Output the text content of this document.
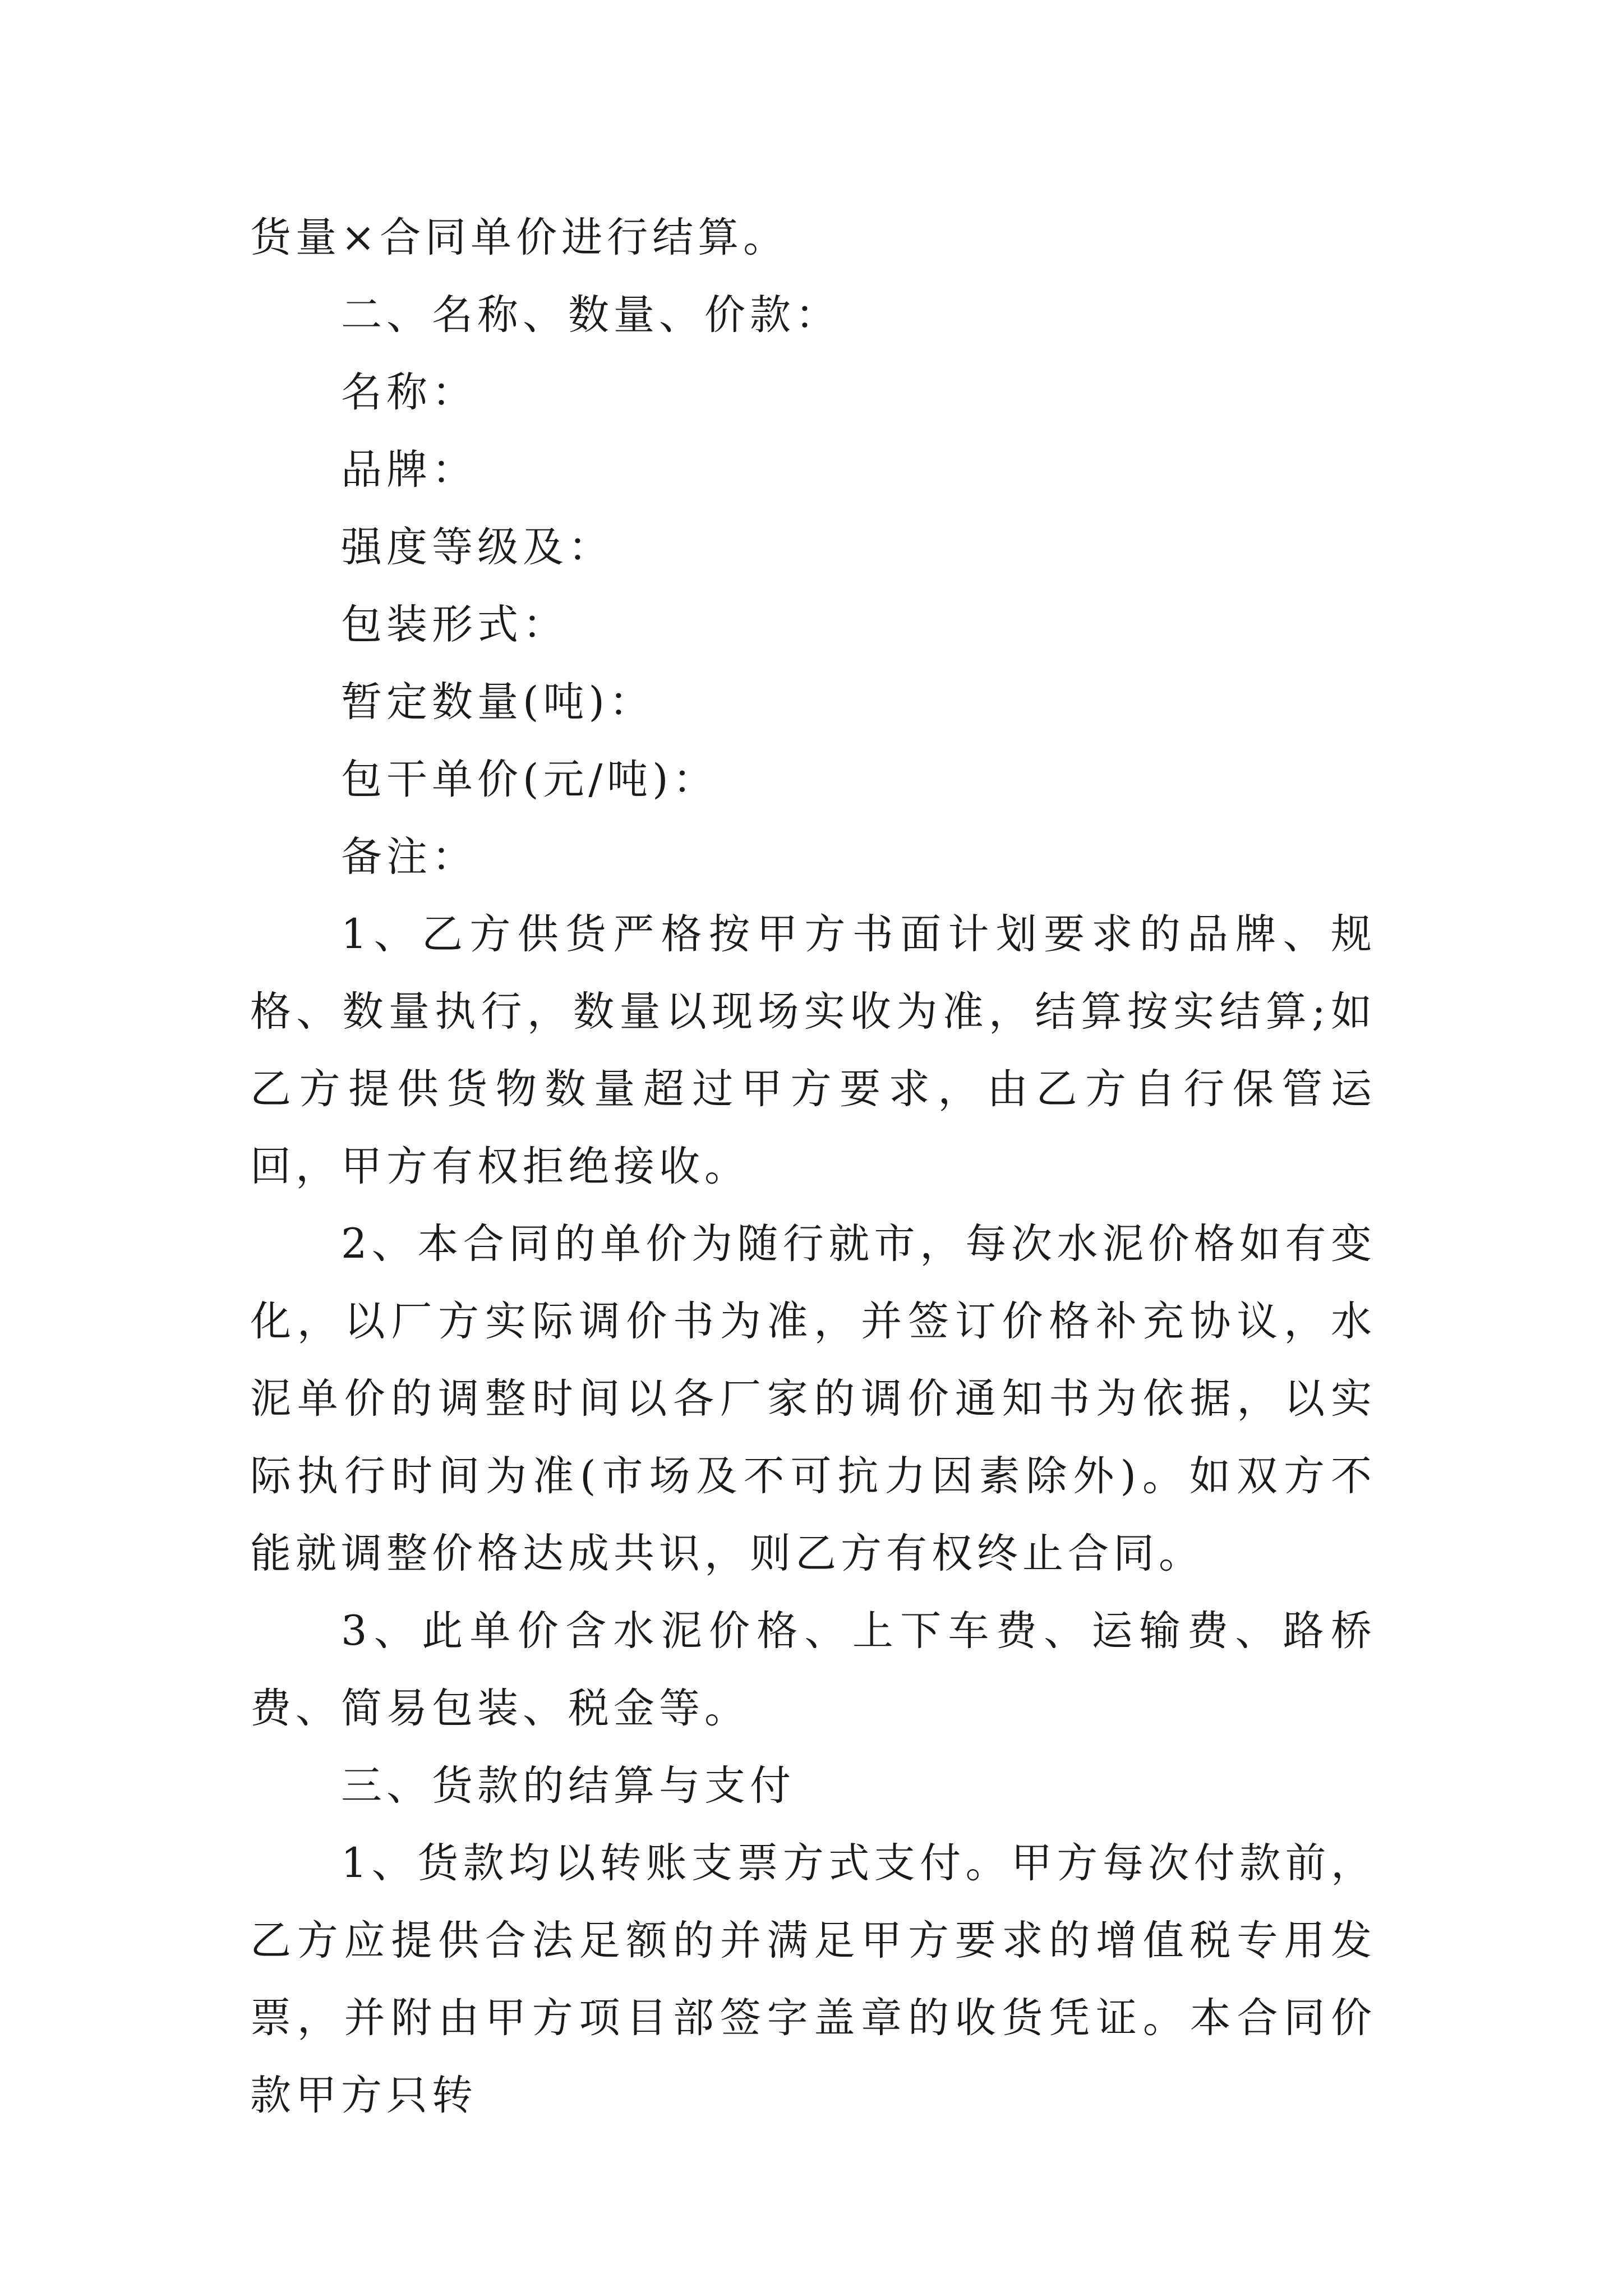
货量×合同单价进行结算。

二、名称、数量、价款：

名称：

品牌：

强度等级及：

包装形式：

暂定数量(吨)：

包干单价(元/吨)：

备注：

1、乙方供货严格按甲方书面计划要求的品牌、规格、数量执行，数量以现场实收为准，结算按实结算;如乙方提供货物数量超过甲方要求，由乙方自行保管运回，甲方有权拒绝接收。

2、本合同的单价为随行就市，每次水泥价格如有变化，以厂方实际调价书为准，并签订价格补充协议，水泥单价的调整时间以各厂家的调价通知书为依据，以实际执行时间为准(市场及不可抗力因素除外)。如双方不能就调整价格达成共识，则乙方有权终止合同。

3、此单价含水泥价格、上下车费、运输费、路桥费、简易包装、税金等。

三、货款的结算与支付

1、货款均以转账支票方式支付。甲方每次付款前，乙方应提供合法足额的并满足甲方要求的增值税专用发票，并附由甲方项目部签字盖章的收货凭证。本合同价款甲方只转
